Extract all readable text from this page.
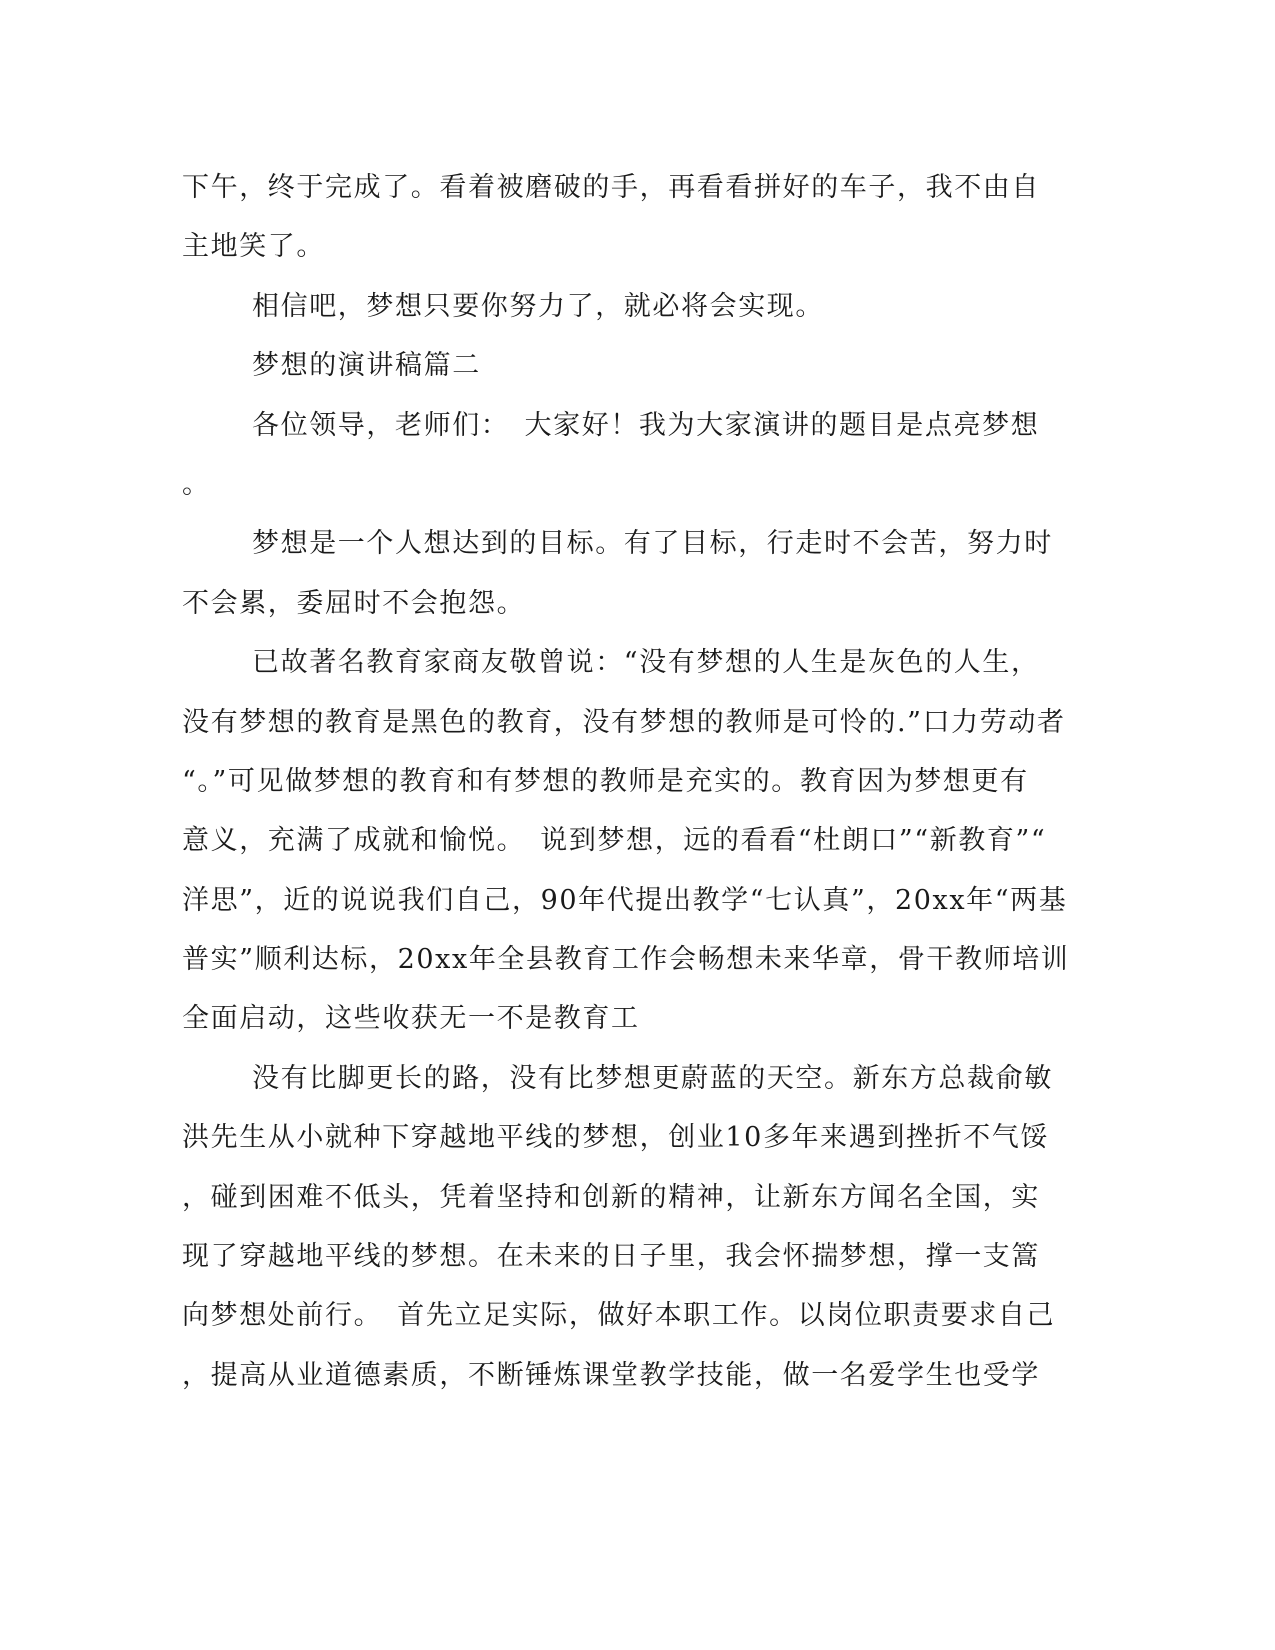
下午，终于完成了。看着被磨破的手，再看看拼好的车子，我不由自
主地笑了。
相信吧，梦想只要你努力了，就必将会实现。
梦想的演讲稿篇二
各位领导，老师们：　大家好！我为大家演讲的题目是点亮梦想
。
梦想是一个人想达到的目标。有了目标，行走时不会苦，努力时
不会累，委屈时不会抱怨。
已故著名教育家商友敬曾说：“没有梦想的人生是灰色的人生，
没有梦想的教育是黑色的教育，没有梦想的教师是可怜的.”口力劳动者
“。”可见做梦想的教育和有梦想的教师是充实的。教育因为梦想更有
意义，充满了成就和愉悦。　说到梦想，远的看看“杜朗口”“新教育”“
洋思”，近的说说我们自己，90年代提出教学“七认真”，20xx年“两基
普实”顺利达标，20xx年全县教育工作会畅想未来华章，骨干教师培训
全面启动，这些收获无一不是教育工
没有比脚更长的路，没有比梦想更蔚蓝的天空。新东方总裁俞敏
洪先生从小就种下穿越地平线的梦想，创业10多年来遇到挫折不气馁
，碰到困难不低头，凭着坚持和创新的精神，让新东方闻名全国，实
现了穿越地平线的梦想。在未来的日子里，我会怀揣梦想，撑一支篙
向梦想处前行。　首先立足实际，做好本职工作。以岗位职责要求自己
，提高从业道德素质，不断锤炼课堂教学技能，做一名爱学生也受学
